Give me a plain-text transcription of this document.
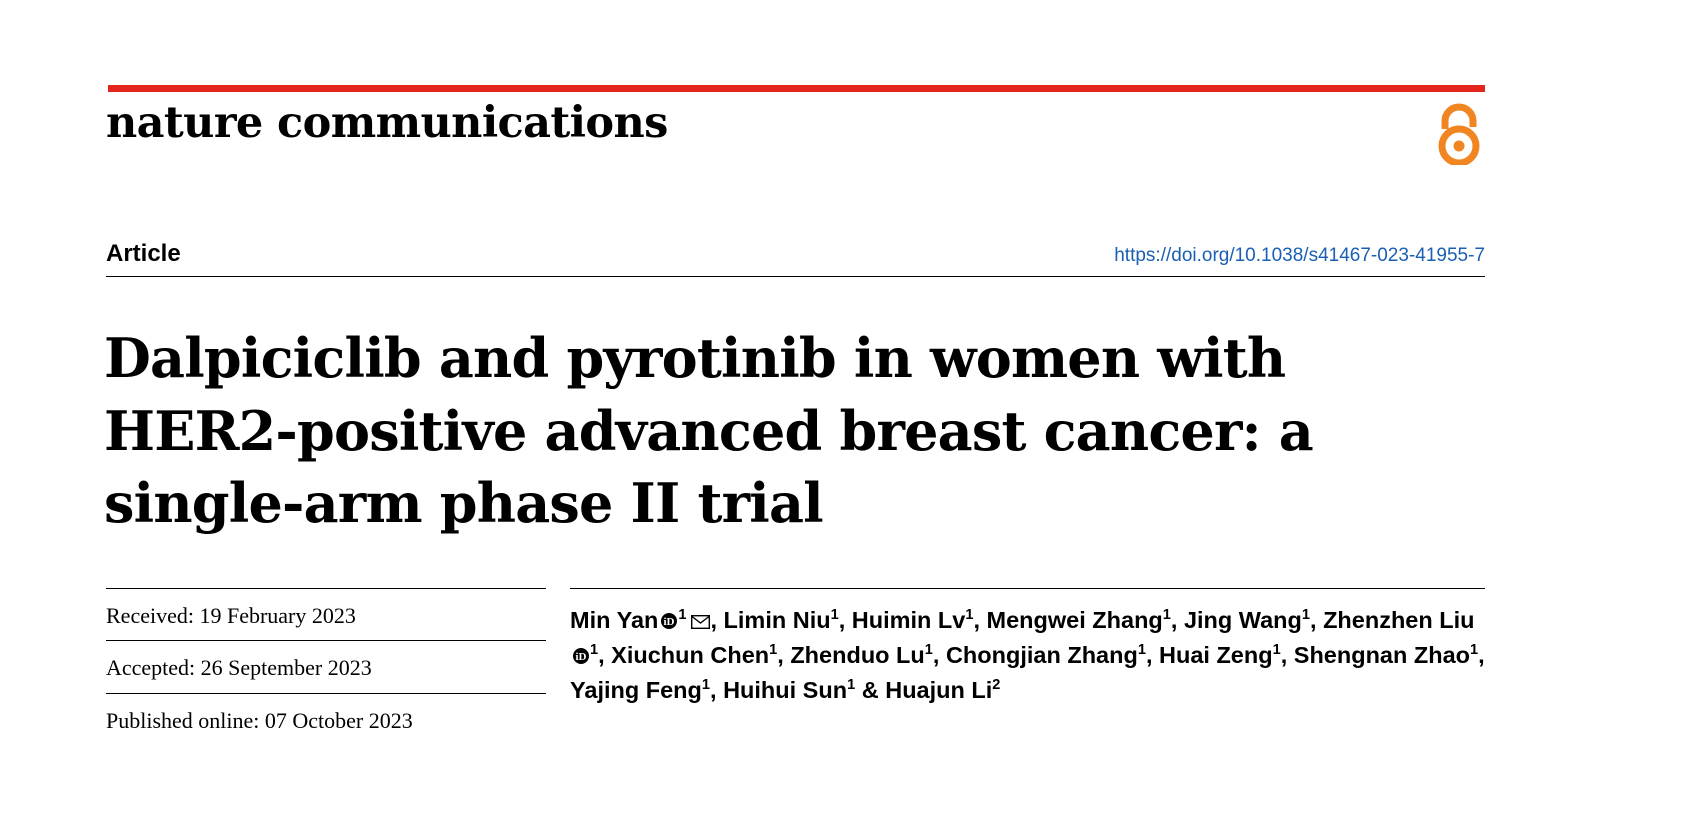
nature communications
Article	https://doi.org/10.1038/s41467-023-41955-7
Dalpiciclib and pyrotinib in women with HER2-positive advanced breast cancer: a single-arm phase II trial
Received: 19 February 2023
Accepted: 26 September 2023
Published online: 07 October 2023
Min Yan iD $^1$ , Limin Niu$^1$, Huimin Lv$^1$, Mengwei Zhang$^1$, Jing Wang$^1$, Zhenzhen Liu
iD $^1$, Xiuchun Chen$^1$, Zhenduo Lu$^1$, Chongjian Zhang$^1$, Huai Zeng$^1$, Shengnan Zhao$^1$, Yajing Feng$^1$, Huihui Sun$^1$ & Huajun Li$^2$
